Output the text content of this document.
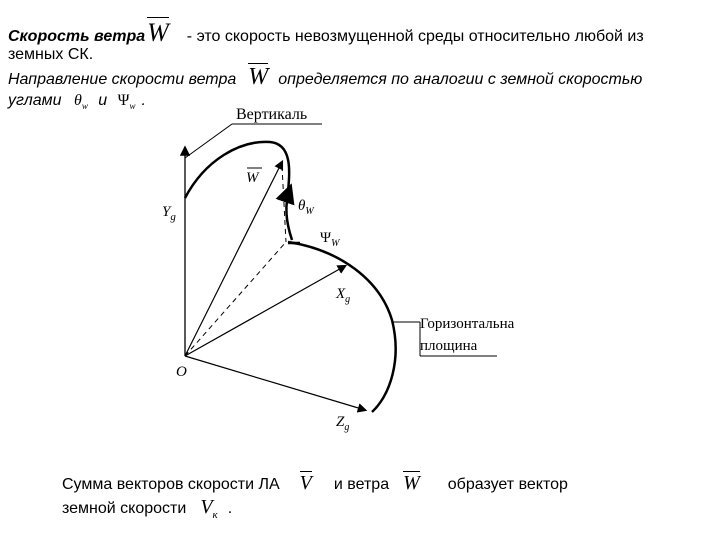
Скорость ветраW - это скорость невозмущенной среды относительно любой из
земных СК.
Направление скорости ветра W определяется по аналогии с земной скоростью
углами $\theta_w$ и $\Psi_w$ .
Вертикаль
W
$Y_g$
$\theta_W$
$\Psi_W$
$X_g$
Горизонтальна
площина
O
$Z_g$
Сумма векторов скорости ЛА V и ветра W образует вектор
земной скорости $V_к$ .
